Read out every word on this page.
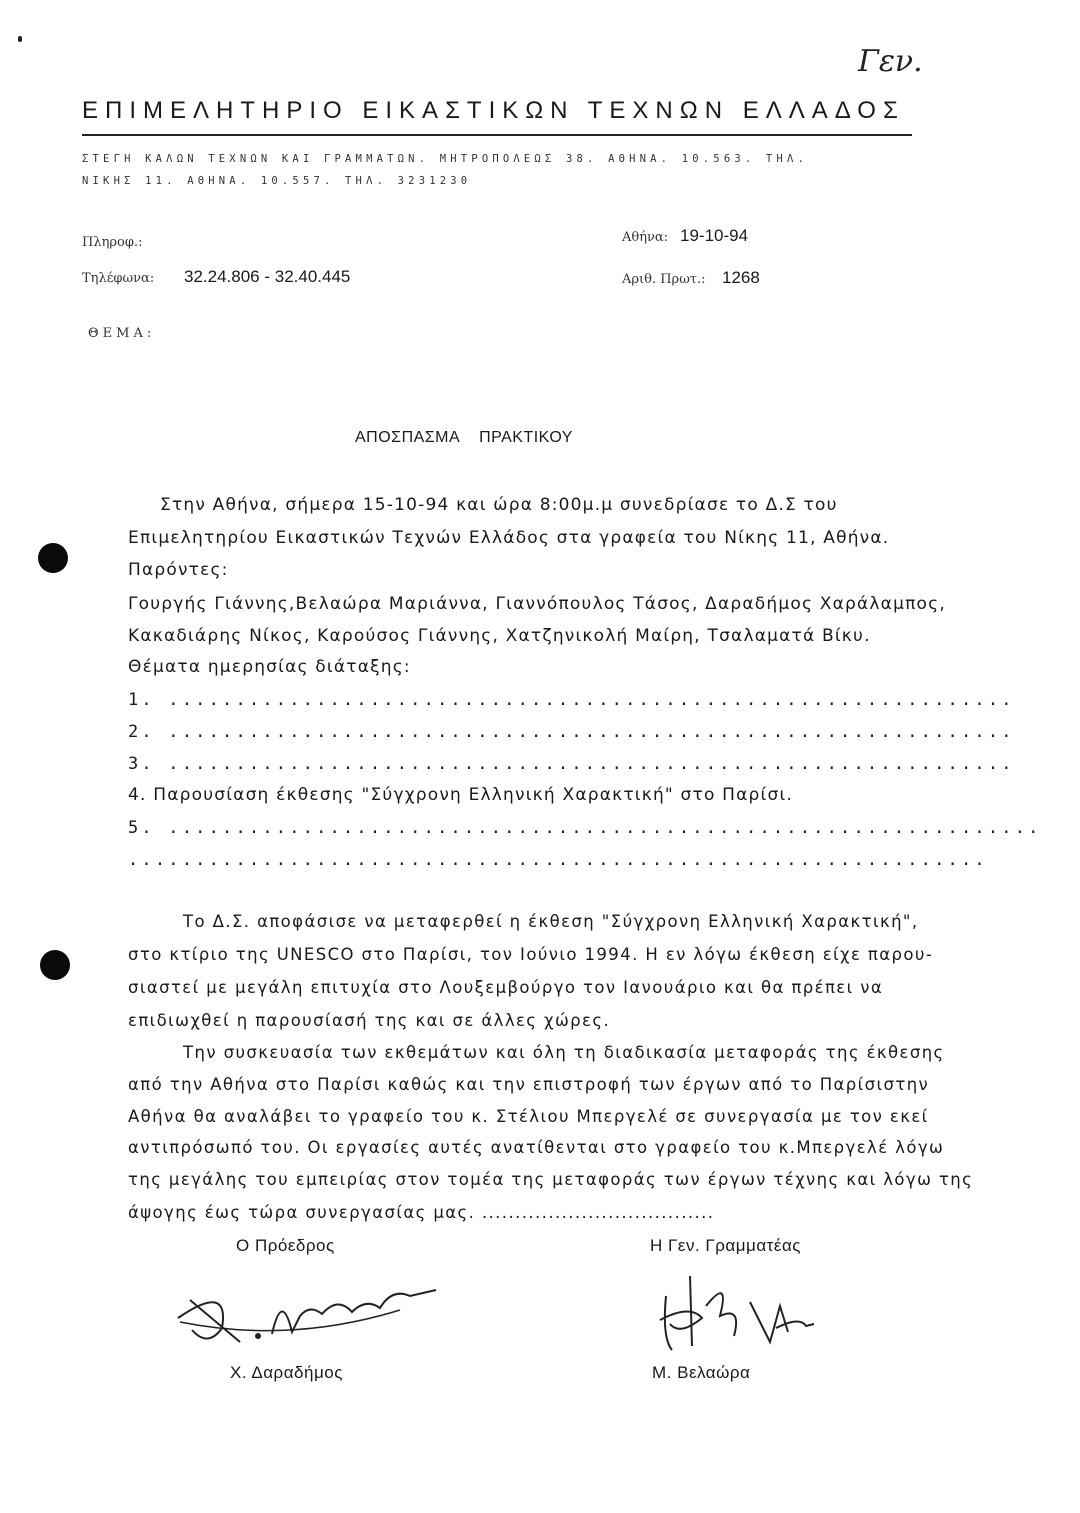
Γεν.
ΕΠΙΜΕΛΗΤΗΡΙΟ ΕΙΚΑΣΤΙΚΩΝ ΤΕΧΝΩΝ ΕΛΛΑΔΟΣ
ΣΤΕΓΗ ΚΑΛΩΝ ΤΕΧΝΩΝ ΚΑΙ ΓΡΑΜΜΑΤΩΝ. ΜΗΤΡΟΠΟΛΕΩΣ 38. ΑΘΗΝΑ. 10.563. ΤΗΛ.
ΝΙΚΗΣ 11. ΑΘΗΝΑ. 10.557. ΤΗΛ. 3231230
Πληροφ.:
Τηλέφωνα: 32.24.806 - 32.40.445
Αθήνα: 19-10-94
Αριθ. Πρωτ.: 1268
ΘΕΜΑ:
ΑΠΟΣΠΑΣΜΑ    ΠΡΑΚΤΙΚΟΥ
Στην Αθήνα, σήμερα 15-10-94 και ώρα 8:00μ.μ συνεδρίασε το Δ.Σ του
Επιμελητηρίου Εικαστικών Τεχνών Ελλάδος στα γραφεία του Νίκης 11, Αθήνα.
Παρόντες:
Γουργής Γιάννης,Βελαώρα Μαριάννα, Γιαννόπουλος Τάσος, Δαραδήμος Χαράλαμπος,
Κακαδιάρης Νίκος, Καρούσος Γιάννης, Χατζηνικολή Μαίρη, Τσαλαματά Βίκυ.
Θέματα ημερησίας διάταξης:
1. ...............................................................
2. ...............................................................
3. ...............................................................
4. Παρουσίαση έκθεσης "Σύγχρονη Ελληνική Χαρακτική" στο Παρίσι.
5. .................................................................
................................................................
Το Δ.Σ. αποφάσισε να μεταφερθεί η έκθεση "Σύγχρονη Ελληνική Χαρακτική",
στο κτίριο της UNESCO στο Παρίσι, τον Ιούνιο 1994. Η εν λόγω έκθεση είχε παρου-
σιαστεί με μεγάλη επιτυχία στο Λουξεμβούργο τον Ιανουάριο και θα πρέπει να
επιδιωχθεί η παρουσίασή της και σε άλλες χώρες.
Την συσκευασία των εκθεμάτων και όλη τη διαδικασία μεταφοράς της έκθεσης
από την Αθήνα στο Παρίσι καθώς και την επιστροφή των έργων από το Παρίσιστην
Αθήνα θα αναλάβει το γραφείο του κ. Στέλιου Μπεργελέ σε συνεργασία με τον εκεί
αντιπρόσωπό του. Οι εργασίες αυτές ανατίθενται στο γραφείο του κ.Μπεργελέ λόγω
της μεγάλης του εμπειρίας στον τομέα της μεταφοράς των έργων τέχνης και λόγω της
άψογης έως τώρα συνεργασίας μας. ...................................
Ο Πρόεδρος	Η Γεν. Γραμματέας
Χ. Δαραδήμος	Μ. Βελαώρα
